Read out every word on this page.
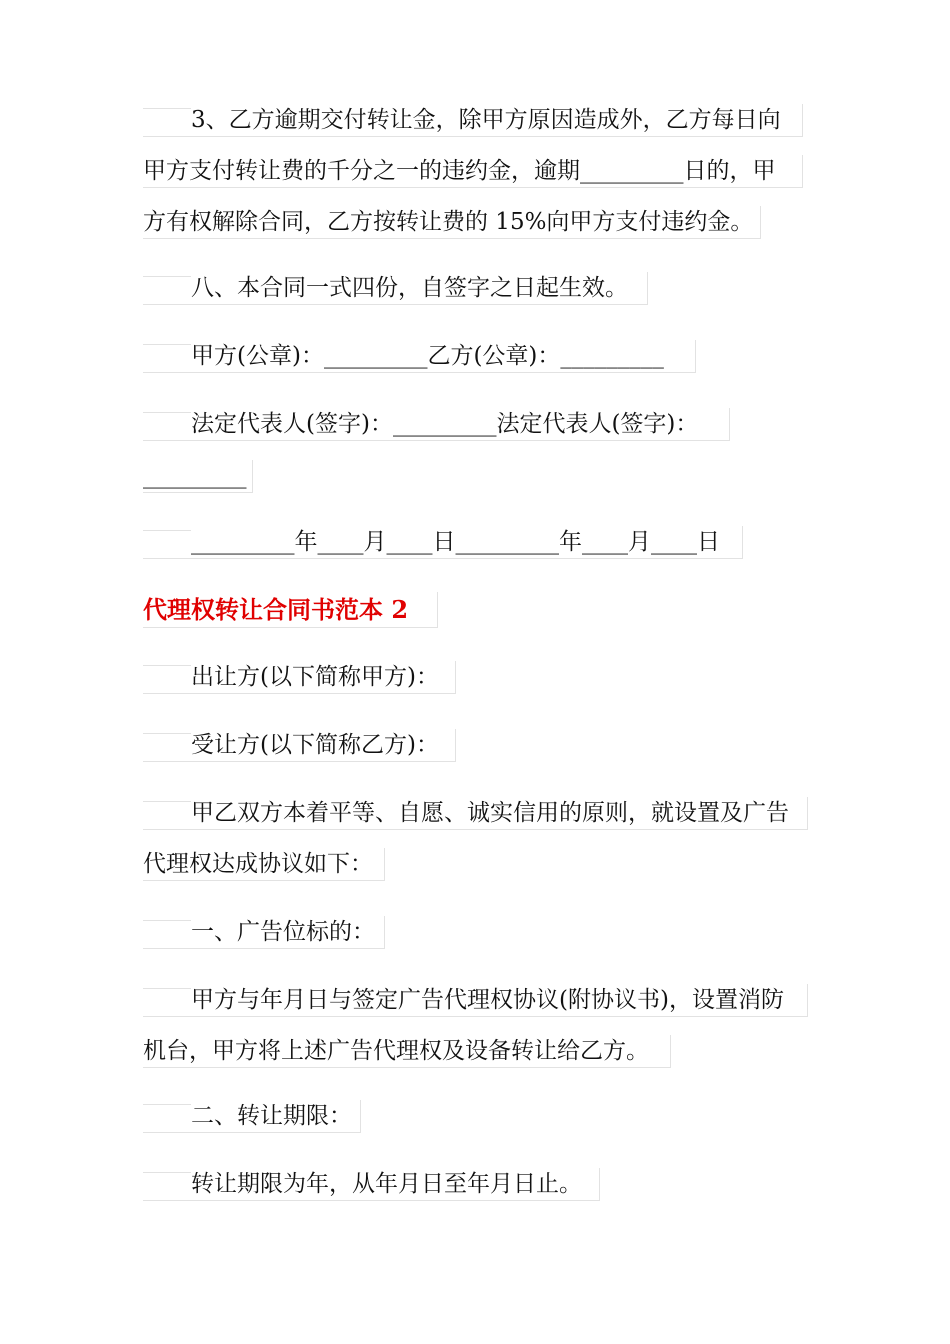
3、乙方逾期交付转让金，除甲方原因造成外，乙方每日向
甲方支付转让费的千分之一的违约金，逾期_________日的，甲
方有权解除合同，乙方按转让费的 15%向甲方支付违约金。
八、本合同一式四份，自签字之日起生效。
甲方(公章)：_________乙方(公章)：_________
法定代表人(签字)：_________法定代表人(签字)：
_________
_________年____月____日_________年____月____日
代理权转让合同书范本 2
出让方(以下简称甲方)：
受让方(以下简称乙方)：
甲乙双方本着平等、自愿、诚实信用的原则，就设置及广告
代理权达成协议如下：
一、广告位标的：
甲方与年月日与签定广告代理权协议(附协议书)，设置消防
机台，甲方将上述广告代理权及设备转让给乙方。
二、转让期限：
转让期限为年，从年月日至年月日止。
